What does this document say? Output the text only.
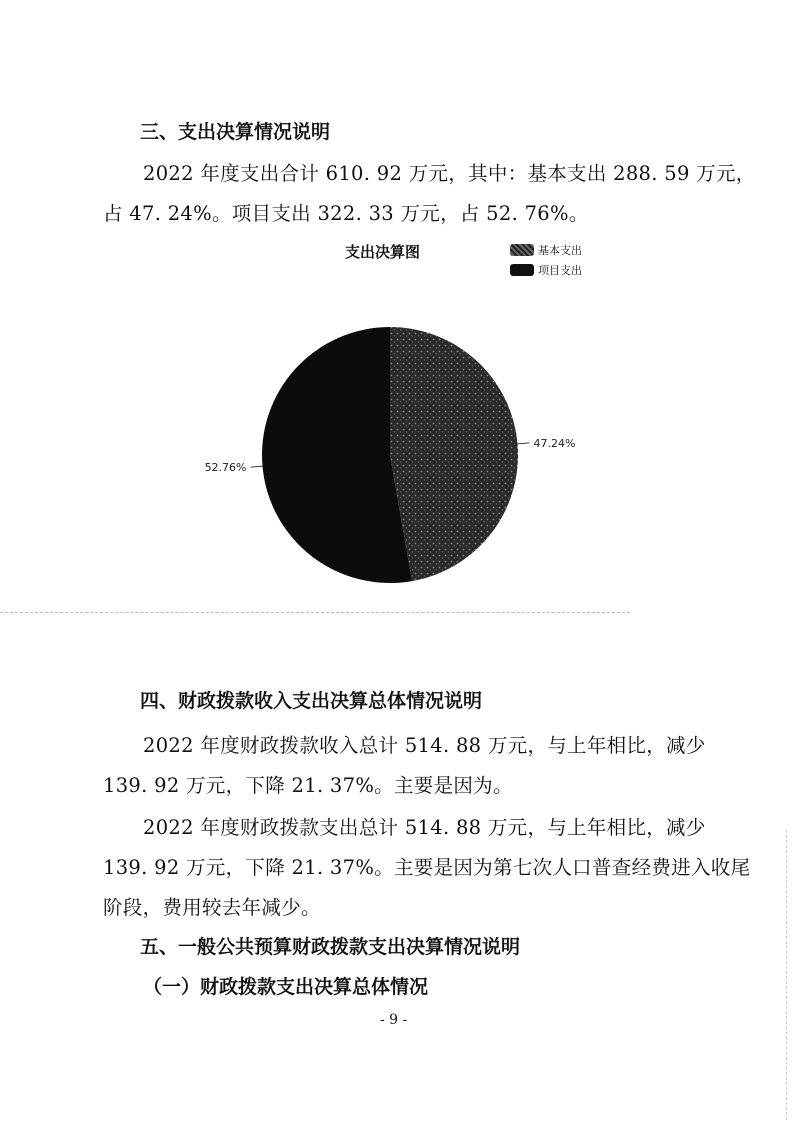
三、支出决算情况说明
2022 年度支出合计 610. 92 万元，其中：基本支出 288. 59 万元，
占 47. 24%。项目支出 322. 33 万元，占 52. 76%。
支出决算图	基本支出
项目支出
47.24%
52.76%
四、财政拨款收入支出决算总体情况说明
2022 年度财政拨款收入总计 514. 88 万元，与上年相比，减少
139. 92 万元，下降 21. 37%。主要是因为。
2022 年度财政拨款支出总计 514. 88 万元，与上年相比，减少
139. 92 万元，下降 21. 37%。主要是因为第七次人口普查经费进入收尾
阶段，费用较去年减少。
五、一般公共预算财政拨款支出决算情况说明
（一）财政拨款支出决算总体情况
- 9 -
